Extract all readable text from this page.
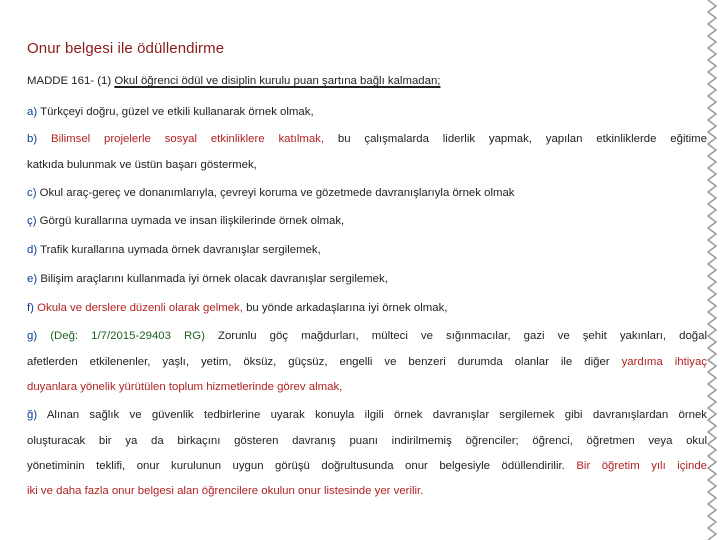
Onur belgesi ile ödüllendirme
MADDE 161- (1) Okul öğrenci ödül ve disiplin kurulu puan şartına bağlı kalmadan;
a) Türkçeyi doğru, güzel ve etkili kullanarak örnek olmak,
b) Bilimsel projelerle sosyal etkinliklere katılmak, bu çalışmalarda liderlik yapmak, yapılan etkinliklerde eğitime
katkıda bulunmak ve üstün başarı göstermek,
c) Okul araç-gereç ve donanımlarıyla, çevreyi koruma ve gözetmede davranışlarıyla örnek olmak
ç) Görgü kurallarına uymada ve insan ilişkilerinde örnek olmak,
d) Trafik kurallarına uymada örnek davranışlar sergilemek,
e) Bilişim araçlarını kullanmada iyi örnek olacak davranışlar sergilemek,
f) Okula ve derslere düzenli olarak gelmek, bu yönde arkadaşlarına iyi örnek olmak,
g) (Değ: 1/7/2015-29403 RG) Zorunlu göç mağdurları, mülteci ve sığınmacılar, gazi ve şehit yakınları, doğal
afetlerden etkilenenler, yaşlı, yetim, öksüz, güçsüz, engelli ve benzeri durumda olanlar ile diğer yardıma ihtiyaç
duyanlara yönelik yürütülen toplum hizmetlerinde görev almak,
ğ) Alınan sağlık ve güvenlik tedbirlerine uyarak konuyla ilgili örnek davranışlar sergilemek gibi davranışlardan örnek
oluşturacak bir ya da birkaçını gösteren davranış puanı indirilmemiş öğrenciler; öğrenci, öğretmen veya okul
yönetiminin teklifi, onur kurulunun uygun görüşü doğrultusunda onur belgesiyle ödüllendirilir. Bir öğretim yılı içinde
iki ve daha fazla onur belgesi alan öğrencilere okulun onur listesinde yer verilir.
